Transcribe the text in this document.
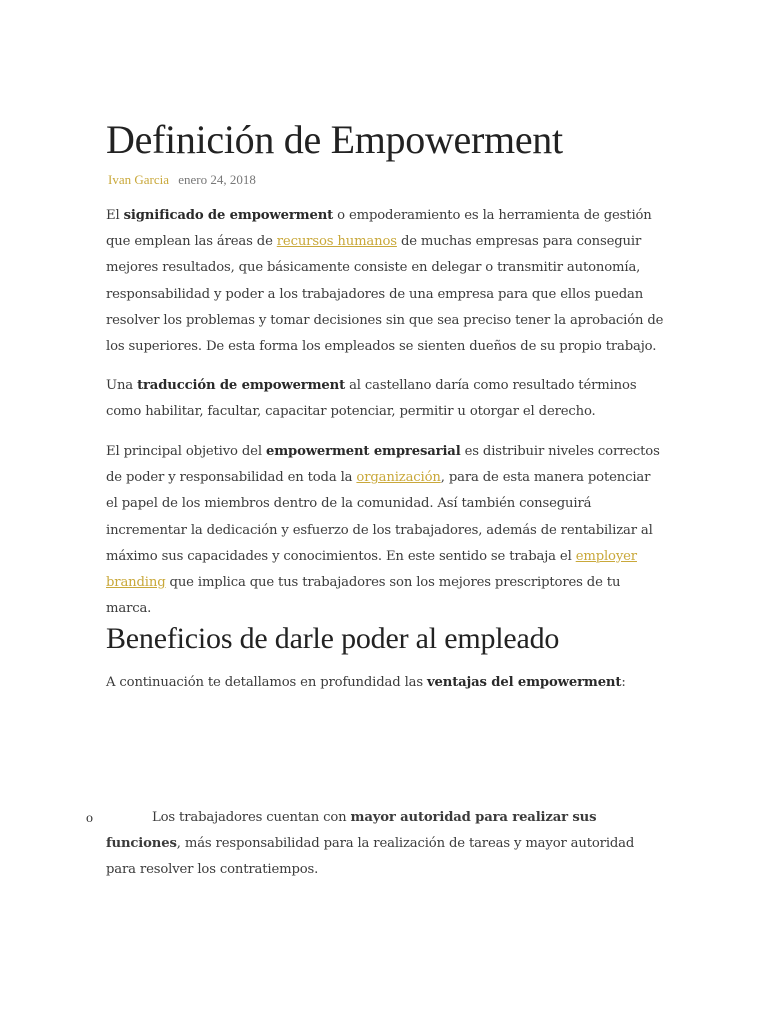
Definición de Empowerment
Ivan Garcia enero 24, 2018

El significado de empowerment o empoderamiento es la herramienta de gestión que emplean las áreas de recursos humanos de muchas empresas para conseguir mejores resultados, que básicamente consiste en delegar o transmitir autonomía, responsabilidad y poder a los trabajadores de una empresa para que ellos puedan resolver los problemas y tomar decisiones sin que sea preciso tener la aprobación de los superiores. De esta forma los empleados se sienten dueños de su propio trabajo.

Una traducción de empowerment al castellano daría como resultado términos como habilitar, facultar, capacitar potenciar, permitir u otorgar el derecho.

El principal objetivo del empowerment empresarial es distribuir niveles correctos de poder y responsabilidad en toda la organización, para de esta manera potenciar el papel de los miembros dentro de la comunidad. Así también conseguirá incrementar la dedicación y esfuerzo de los trabajadores, además de rentabilizar al máximo sus capacidades y conocimientos. En este sentido se trabaja el employer branding que implica que tus trabajadores son los mejores prescriptores de tu marca.

Beneficios de darle poder al empleado

A continuación te detallamos en profundidad las ventajas del empowerment:

o	Los trabajadores cuentan con mayor autoridad para realizar sus funciones, más responsabilidad para la realización de tareas y mayor autoridad para resolver los contratiempos.
